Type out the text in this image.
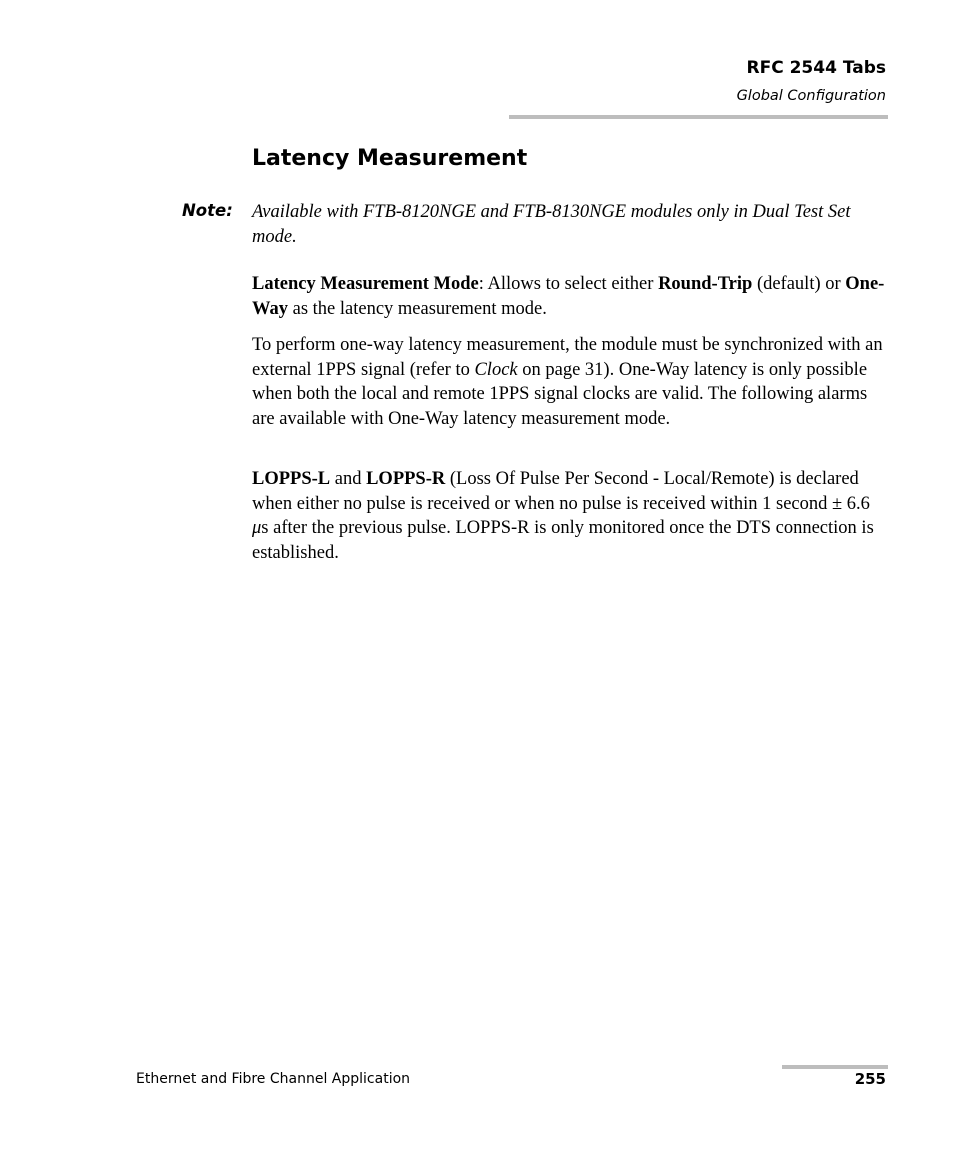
RFC 2544 Tabs
Global Configuration
Latency Measurement
Note: Available with FTB-8120NGE and FTB-8130NGE modules only in Dual Test Set mode.

Latency Measurement Mode: Allows to select either Round-Trip (default) or One-Way as the latency measurement mode.

To perform one-way latency measurement, the module must be synchronized with an external 1PPS signal (refer to Clock on page 31). One-Way latency is only possible when both the local and remote 1PPS signal clocks are valid. The following alarms are available with One-Way latency measurement mode.

LOPPS-L and LOPPS-R (Loss Of Pulse Per Second - Local/Remote) is declared when either no pulse is received or when no pulse is received within 1 second ± 6.6 μs after the previous pulse. LOPPS-R is only monitored once the DTS connection is established.

Ethernet and Fibre Channel Application	255
